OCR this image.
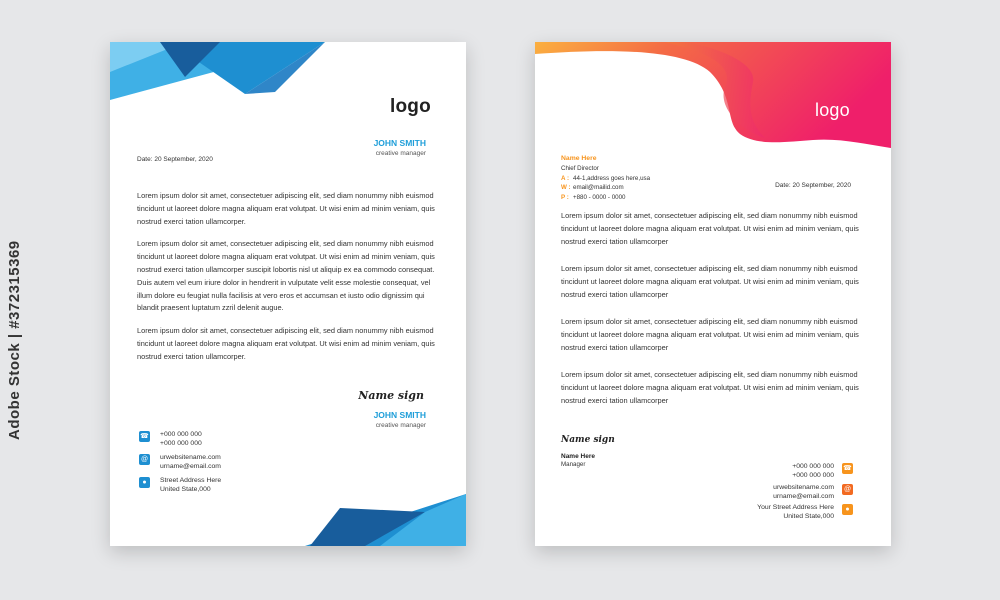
Adobe Stock | #372315369
logo
JOHN SMITH
creative manager
Date: 20 September, 2020

Lorem ipsum dolor sit amet, consectetuer adipiscing elit, sed diam nonummy nibh euismod tincidunt ut laoreet dolore magna aliquam erat volutpat. Ut wisi enim ad minim veniam, quis nostrud exerci tation ullamcorper.

Lorem ipsum dolor sit amet, consectetuer adipiscing elit, sed diam nonummy nibh euismod tincidunt ut laoreet dolore magna aliquam erat volutpat. Ut wisi enim ad minim veniam, quis nostrud exerci tation ullamcorper suscipit lobortis nisl ut aliquip ex ea commodo consequat. Duis autem vel eum iriure dolor in hendrerit in vulputate velit esse molestie consequat, vel illum dolore eu feugiat nulla facilisis at vero eros et accumsan et iusto odio dignissim qui blandit praesent luptatum zzril delenit augue.

Lorem ipsum dolor sit amet, consectetuer adipiscing elit, sed diam nonummy nibh euismod tincidunt ut laoreet dolore magna aliquam erat volutpat. Ut wisi enim ad minim veniam, quis nostrud exerci tation ullamcorper.

Name sign
JOHN SMITH
creative manager
☎ +000 000 000
+000 000 000
@ urwebsitename.com
urname@email.com
●	Street Address Here
United State,000
logo
Name Here
Chief Director
A : 44-1,address goes here,usa
W : email@mailid.com
P : +880 - 0000 - 0000
Date: 20 September, 2020

Lorem ipsum dolor sit amet, consectetuer adipiscing elit, sed diam nonummy nibh euismod tincidunt ut laoreet dolore magna aliquam erat volutpat. Ut wisi enim ad minim veniam, quis nostrud exerci tation ullamcorper

Lorem ipsum dolor sit amet, consectetuer adipiscing elit, sed diam nonummy nibh euismod tincidunt ut laoreet dolore magna aliquam erat volutpat. Ut wisi enim ad minim veniam, quis nostrud exerci tation ullamcorper

Lorem ipsum dolor sit amet, consectetuer adipiscing elit, sed diam nonummy nibh euismod tincidunt ut laoreet dolore magna aliquam erat volutpat. Ut wisi enim ad minim veniam, quis nostrud exerci tation ullamcorper

Lorem ipsum dolor sit amet, consectetuer adipiscing elit, sed diam nonummy nibh euismod tincidunt ut laoreet dolore magna aliquam erat volutpat. Ut wisi enim ad minim veniam, quis nostrud exerci tation ullamcorper

Name sign
Name Here
Manager
☎
+000 000 000
+000 000 000
@
urwebsitename.com
urname@email.com
●
Your Street Address Here
United State,000
